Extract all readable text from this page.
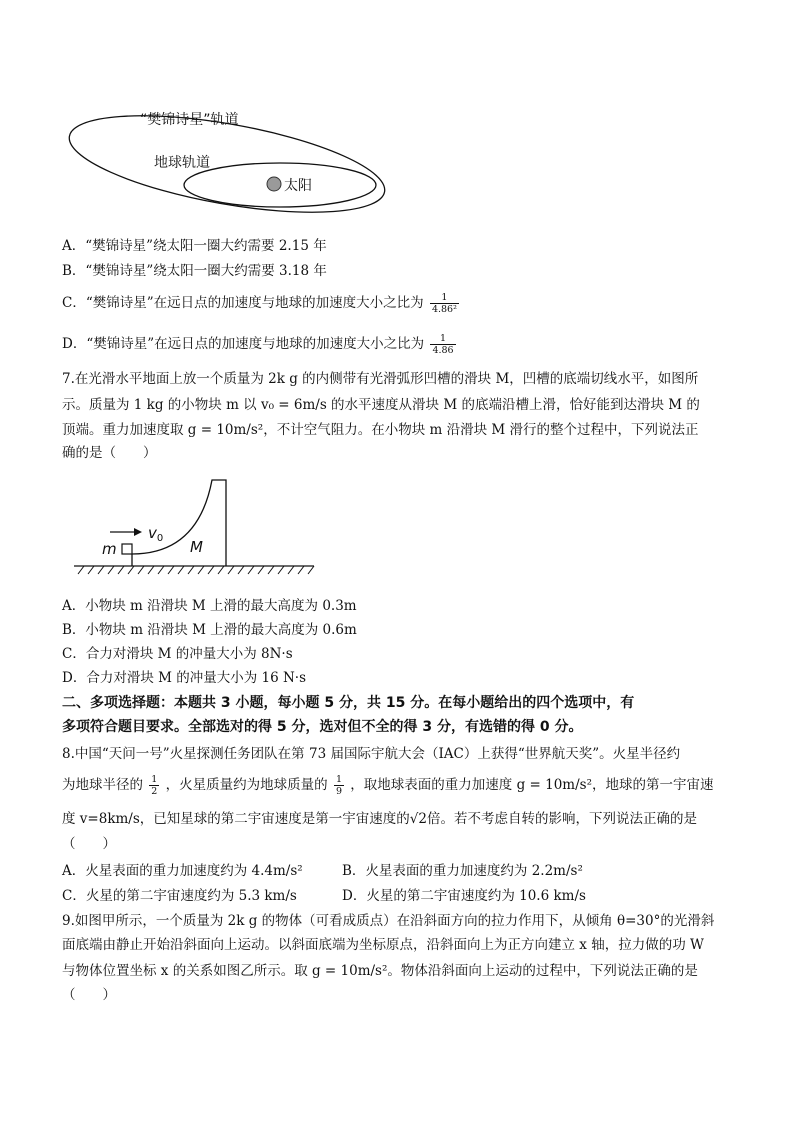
“樊锦诗星”轨道
地球轨道
太阳
A．“樊锦诗星”绕太阳一圈大约需要 2.15 年
B．“樊锦诗星”绕太阳一圈大约需要 3.18 年
C．“樊锦诗星”在远日点的加速度与地球的加速度大小之比为 $\frac{1}{\text{4.86²}}$
D．“樊锦诗星”在远日点的加速度与地球的加速度大小之比为 $\frac{1}{4.86}$
7.在光滑水平地面上放一个质量为 2k g 的内侧带有光滑弧形凹槽的滑块 M，凹槽的底端切线水平，如图所
示。质量为 1 kg 的小物块 m 以 v₀ = 6m/s 的水平速度从滑块 M 的底端沿槽上滑，恰好能到达滑块 M 的
顶端。重力加速度取 g = 10m/s²，不计空气阻力。在小物块 m 沿滑块 M 滑行的整个过程中，下列说法正
确的是（　　）
m
$v_0$ M
A．小物块 m 沿滑块 M 上滑的最大高度为 0.3m
B．小物块 m 沿滑块 M 上滑的最大高度为 0.6m
C．合力对滑块 M 的冲量大小为 8N·s
D．合力对滑块 M 的冲量大小为 16 N·s
二、多项选择题：本题共 3 小题，每小题 5 分，共 15 分。在每小题给出的四个选项中，有
多项符合题目要求。全部选对的得 5 分，选对但不全的得 3 分，有选错的得 0 分。
8.中国“天问一号”火星探测任务团队在第 73 届国际宇航大会（IAC）上获得“世界航天奖”。火星半径约
为地球半径的 $\frac{1}{2}$ ，火星质量约为地球质量的 $\frac{1}{9}$ ，取地球表面的重力加速度 g = 10m/s²，地球的第一宇宙速
度 v=8km/s，已知星球的第二宇宙速度是第一宇宙速度的√2倍。若不考虑自转的影响，下列说法正确的是
（　　）
A．火星表面的重力加速度约为 4.4m/s²	B．火星表面的重力加速度约为 2.2m/s²
C．火星的第二宇宙速度约为 5.3 km/s	D．火星的第二宇宙速度约为 10.6 km/s
9.如图甲所示，一个质量为 2k g 的物体（可看成质点）在沿斜面方向的拉力作用下，从倾角 θ=30°的光滑斜
面底端由静止开始沿斜面向上运动。以斜面底端为坐标原点，沿斜面向上为正方向建立 x 轴，拉力做的功 W
与物体位置坐标 x 的关系如图乙所示。取 g = 10m/s²。物体沿斜面向上运动的过程中，下列说法正确的是
（　　）
